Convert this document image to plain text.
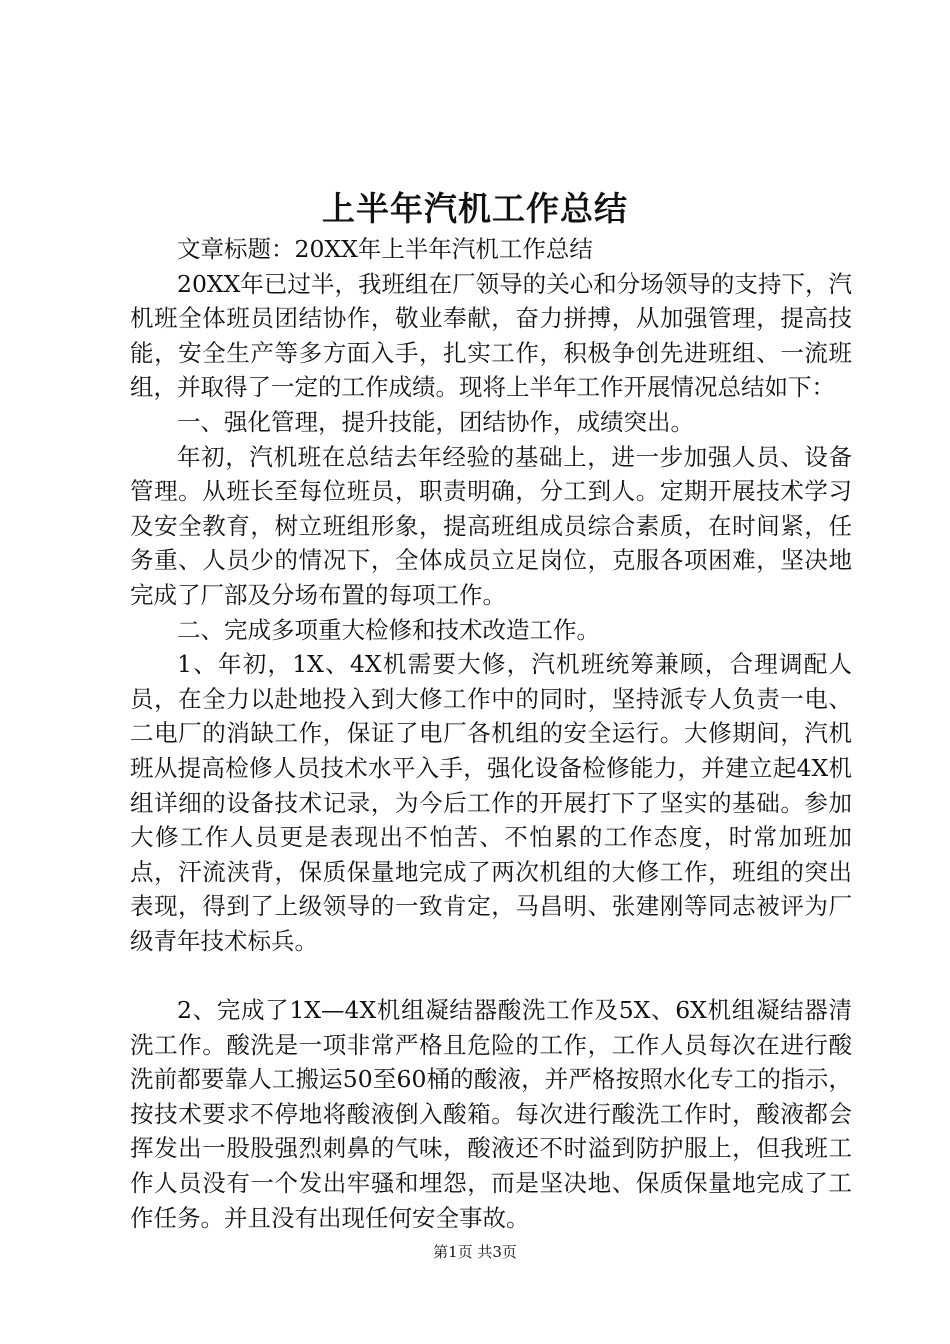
上半年汽机工作总结

文章标题：20XX年上半年汽机工作总结

20XX年已过半，我班组在厂领导的关心和分场领导的支持下，汽机班全体班员团结协作，敬业奉献，奋力拼搏，从加强管理，提高技能，安全生产等多方面入手，扎实工作，积极争创先进班组、一流班组，并取得了一定的工作成绩。现将上半年工作开展情况总结如下：

一、强化管理，提升技能，团结协作，成绩突出。

年初，汽机班在总结去年经验的基础上，进一步加强人员、设备管理。从班长至每位班员，职责明确，分工到人。定期开展技术学习及安全教育，树立班组形象，提高班组成员综合素质，在时间紧，任务重、人员少的情况下，全体成员立足岗位，克服各项困难，坚决地完成了厂部及分场布置的每项工作。

二、完成多项重大检修和技术改造工作。

1、年初，1X、4X机需要大修，汽机班统筹兼顾，合理调配人员，在全力以赴地投入到大修工作中的同时，坚持派专人负责一电、二电厂的消缺工作，保证了电厂各机组的安全运行。大修期间，汽机班从提高检修人员技术水平入手，强化设备检修能力，并建立起4X机组详细的设备技术记录，为今后工作的开展打下了坚实的基础。参加大修工作人员更是表现出不怕苦、不怕累的工作态度，时常加班加点，汗流浃背，保质保量地完成了两次机组的大修工作，班组的突出表现，得到了上级领导的一致肯定，马昌明、张建刚等同志被评为厂级青年技术标兵。

2、完成了1X—4X机组凝结器酸洗工作及5X、6X机组凝结器清洗工作。酸洗是一项非常严格且危险的工作，工作人员每次在进行酸洗前都要靠人工搬运50至60桶的酸液，并严格按照水化专工的指示，按技术要求不停地将酸液倒入酸箱。每次进行酸洗工作时，酸液都会挥发出一股股强烈刺鼻的气味，酸液还不时溢到防护服上，但我班工作人员没有一个发出牢骚和埋怨，而是坚决地、保质保量地完成了工作任务。并且没有出现任何安全事故。

第1页 共3页
